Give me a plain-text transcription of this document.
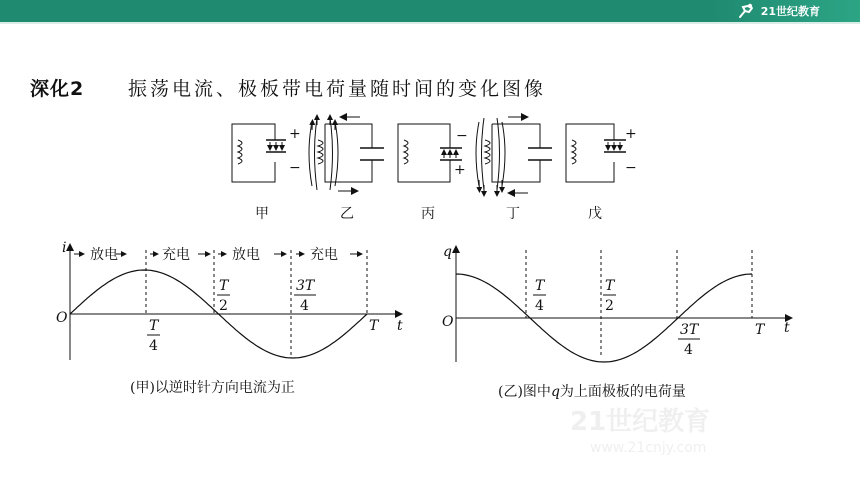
21世纪教育
深化2 振荡电流、极板带电荷量随时间的变化图像
+
−
−
+
+
−
甲	乙	丙	丁	戊
i
t
O
放电	充电	放电	充电
T
4
T
2
3T
4
T
(甲)以逆时针方向电流为正
q
t
O
T
4
T
2
3T
4
T
(乙)图中q为上面极板的电荷量
21世纪教育
www.21cnjy.com
